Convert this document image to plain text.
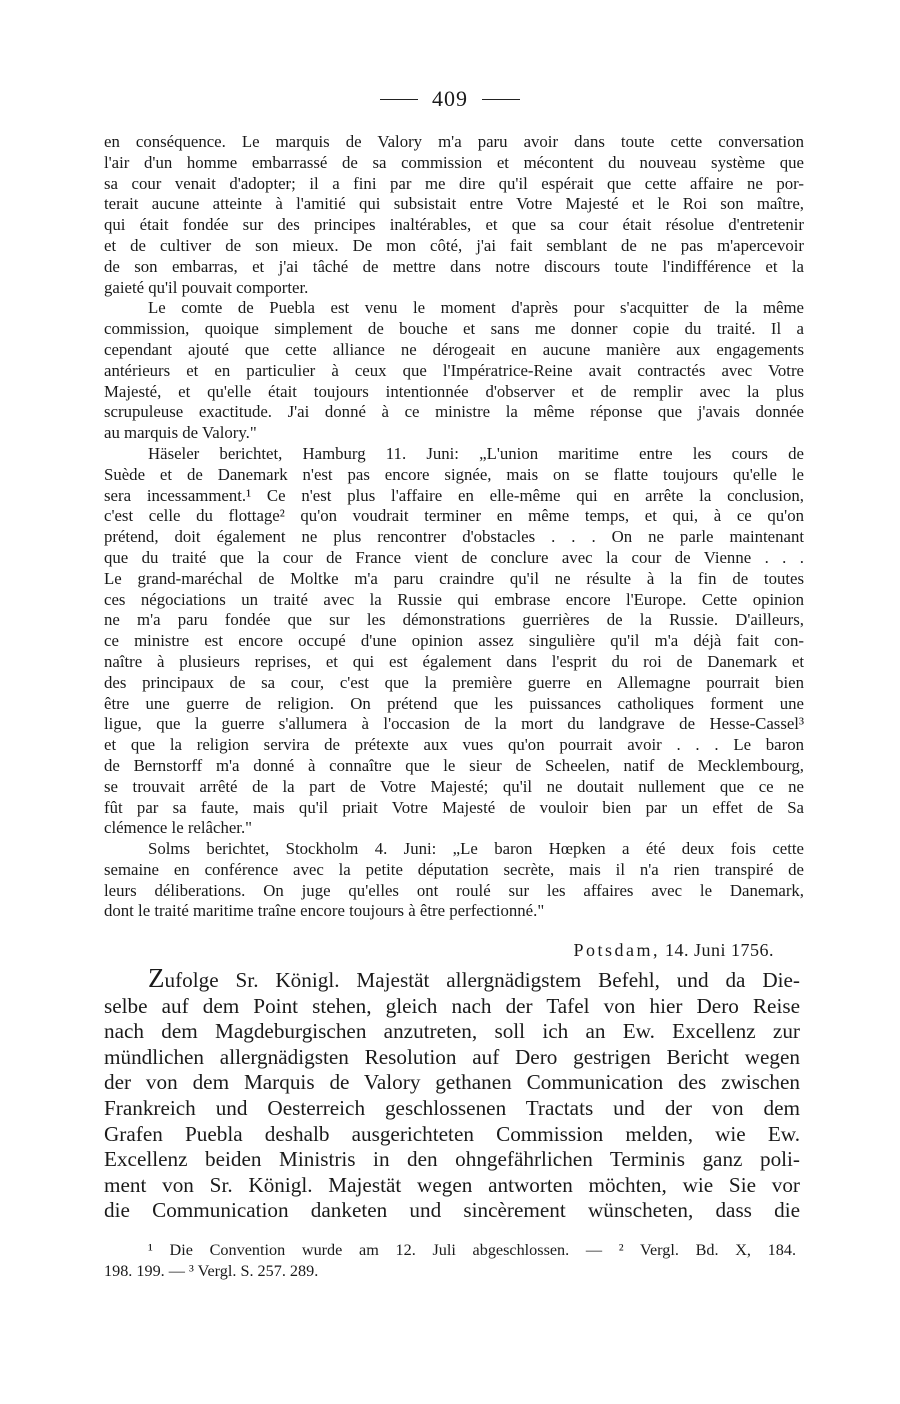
409
en conséquence. Le marquis de Valory m'a paru avoir dans toute cette conversation
l'air d'un homme embarrassé de sa commission et mécontent du nouveau système que
sa cour venait d'adopter; il a fini par me dire qu'il espérait que cette affaire ne por-
terait aucune atteinte à l'amitié qui subsistait entre Votre Majesté et le Roi son maître,
qui était fondée sur des principes inaltérables, et que sa cour était résolue d'entretenir
et de cultiver de son mieux. De mon côté, j'ai fait semblant de ne pas m'apercevoir
de son embarras, et j'ai tâché de mettre dans notre discours toute l'indifférence et la
gaieté qu'il pouvait comporter.
Le comte de Puebla est venu le moment d'après pour s'acquitter de la même
commission, quoique simplement de bouche et sans me donner copie du traité. Il a
cependant ajouté que cette alliance ne dérogeait en aucune manière aux engagements
antérieurs et en particulier à ceux que l'Impératrice-Reine avait contractés avec Votre
Majesté, et qu'elle était toujours intentionnée d'observer et de remplir avec la plus
scrupuleuse exactitude. J'ai donné à ce ministre la même réponse que j'avais donnée
au marquis de Valory."
Häseler berichtet, Hamburg 11. Juni: „L'union maritime entre les cours de
Suède et de Danemark n'est pas encore signée, mais on se flatte toujours qu'elle le
sera incessamment.¹ Ce n'est plus l'affaire en elle-même qui en arrête la conclusion,
c'est celle du flottage² qu'on voudrait terminer en même temps, et qui, à ce qu'on
prétend, doit également ne plus rencontrer d'obstacles . . . On ne parle maintenant
que du traité que la cour de France vient de conclure avec la cour de Vienne . . .
Le grand-maréchal de Moltke m'a paru craindre qu'il ne résulte à la fin de toutes
ces négociations un traité avec la Russie qui embrase encore l'Europe. Cette opinion
ne m'a paru fondée que sur les démonstrations guerrières de la Russie. D'ailleurs,
ce ministre est encore occupé d'une opinion assez singulière qu'il m'a déjà fait con-
naître à plusieurs reprises, et qui est également dans l'esprit du roi de Danemark et
des principaux de sa cour, c'est que la première guerre en Allemagne pourrait bien
être une guerre de religion. On prétend que les puissances catholiques forment une
ligue, que la guerre s'allumera à l'occasion de la mort du landgrave de Hesse-Cassel³
et que la religion servira de prétexte aux vues qu'on pourrait avoir . . . Le baron
de Bernstorff m'a donné à connaître que le sieur de Scheelen, natif de Mecklembourg,
se trouvait arrêté de la part de Votre Majesté; qu'il ne doutait nullement que ce ne
fût par sa faute, mais qu'il priait Votre Majesté de vouloir bien par un effet de Sa
clémence le relâcher."
Solms berichtet, Stockholm 4. Juni: „Le baron Hœpken a été deux fois cette
semaine en conférence avec la petite députation secrète, mais il n'a rien transpiré de
leurs déliberations. On juge qu'elles ont roulé sur les affaires avec le Danemark,
dont le traité maritime traîne encore toujours à être perfectionné."
Potsdam, 14. Juni 1756.
Zufolge Sr. Königl. Majestät allergnädigstem Befehl, und da Die-
selbe auf dem Point stehen, gleich nach der Tafel von hier Dero Reise
nach dem Magdeburgischen anzutreten, soll ich an Ew. Excellenz zur
mündlichen allergnädigsten Resolution auf Dero gestrigen Bericht wegen
der von dem Marquis de Valory gethanen Communication des zwischen
Frankreich und Oesterreich geschlossenen Tractats und der von dem
Grafen Puebla deshalb ausgerichteten Commission melden, wie Ew.
Excellenz beiden Ministris in den ohngefährlichen Terminis ganz poli-
ment von Sr. Königl. Majestät wegen antworten möchten, wie Sie vor
die Communication danketen und sincèrement wünscheten, dass die
¹ Die Convention wurde am 12. Juli abgeschlossen. — ² Vergl. Bd. X, 184.
198. 199. — ³ Vergl. S. 257. 289.
